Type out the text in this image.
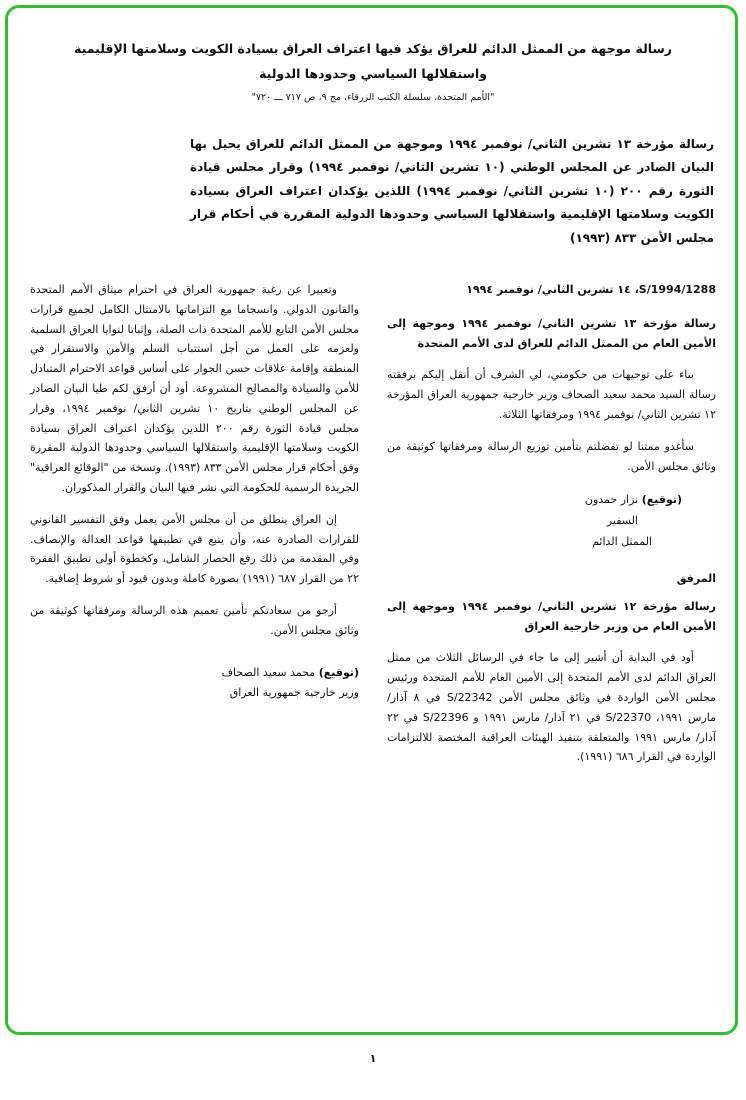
رسالة موجهة من الممثل الدائم للعراق يؤكد فيها اعتراف العراق بسيادة الكويت وسلامتها الإقليمية
واستقلالها السياسي وحدودها الدولية
"الأمم المتحدة، سلسلة الكتب الزرقاء، مج ٩، ص ٧١٧ ـــ ٧٢٠"
رسالة مؤرخة ١٣ تشرين الثاني/ نوفمبر ١٩٩٤ وموجهة من الممثل الدائم للعراق يحيل بها البيان الصادر عن المجلس الوطني (١٠ تشرين الثاني/ نوفمبر ١٩٩٤) وقرار مجلس قيادة الثورة رقم ٢٠٠ (١٠ تشرين الثاني/ نوفمبر ١٩٩٤) اللذين يؤكدان اعتراف العراق بسيادة الكويت وسلامتها الإقليمية واستقلالها السياسي وحدودها الدولية المقررة في أحكام قرار مجلس الأمن ٨٣٣ (١٩٩٣)

S/1994/1288، ١٤ تشرين الثاني/ نوفمبر ١٩٩٤

رسالة مؤرخة ١٣ تشرين الثاني/ نوفمبر ١٩٩٤ وموجهة إلى الأمين العام من الممثل الدائم للعراق لدى الأمم المتحدة

بناء على توجيهات من حكومتي، لي الشرف أن أنقل إليكم برفقته رسالة السيد محمد سعيد الصحاف وزير خارجية جمهورية العراق المؤرخة ١٢ تشرين الثاني/ نوفمبر ١٩٩٤ ومرفقاتها الثلاثة.

سأغدو ممتنا لو تفضلتم بتأمين توزيع الرسالة ومرفقاتها كوثيقة من وثائق مجلس الأمن.

(توقيع) نزار حمدون
السفير
الممثل الدائم

المرفق

رسالة مؤرخة ١٢ تشرين الثاني/ نوفمبر ١٩٩٤ وموجهة إلى الأمين العام من وزير خارجية العراق

أود في البداية أن أشير إلى ما جاء في الرسائل الثلاث من ممثل العراق الدائم لدى الأمم المتحدة إلى الأمين العام للأمم المتحدة ورئيس مجلس الأمن الواردة في وثائق مجلس الأمن S/22342 في ٨ آذار/ مارس ١٩٩١، S/22370 في ٢١ آذار/ مارس ١٩٩١ و S/22396 في ٢٢ آذار/ مارس ١٩٩١ والمتعلقة بتنفيذ الهيئات العراقية المختصة للالتزامات الواردة في القرار ٦٨٦ (١٩٩١).

وتعبيرا عن رغبة جمهورية العراق في احترام ميثاق الأمم المتحدة والقانون الدولي. وانسجاما مع التزاماتها بالامتثال الكامل لجميع قرارات مجلس الأمن التابع للأمم المتحدة ذات الصلة، وإثباتا لنوايا العراق السلمية ولعزمه على العمل من أجل استتباب السلم والأمن والاستقرار في المنطقة وإقامة علاقات حسن الجوار على أساس قواعد الاحترام المتبادل للأمن والسيادة والمصالح المشروعة. أود أن أرفق لكم طيا البيان الصادر عن المجلس الوطني بتاريخ ١٠ تشرين الثاني/ نوفمبر ١٩٩٤، وقرار مجلس قيادة الثورة رقم ٢٠٠ اللذين يؤكدان اعتراف العراق بسيادة الكويت وسلامتها الإقليمية واستقلالها السياسي وحدودها الدولية المقررة وفق أحكام قرار مجلس الأمن ٨٣٣ (١٩٩٣). ونسخة من "الوقائع العراقية" الجريدة الرسمية للحكومة التي نشر فيها البيان والقرار المذكوران.

إن العراق ينطلق من أن مجلس الأمن يعمل وفق التفسير القانوني للقرارات الصادرة عنه، وأن يتبع في تطبيقها قواعد العدالة والإنصاف. وفي المقدمة من ذلك رفع الحصار الشامل، وكخطوة أولى تطبيق الفقرة ٢٢ من القرار ٦٨٧ (١٩٩١) بصورة كاملة وبدون قيود أو شروط إضافية.

أرجو من سعادتكم تأمين تعميم هذه الرسالة ومرفقاتها كوثيقة من وثائق مجلس الأمن.

(توقيع) محمد سعيد الصحاف
وزير خارجية جمهورية العراق
١
